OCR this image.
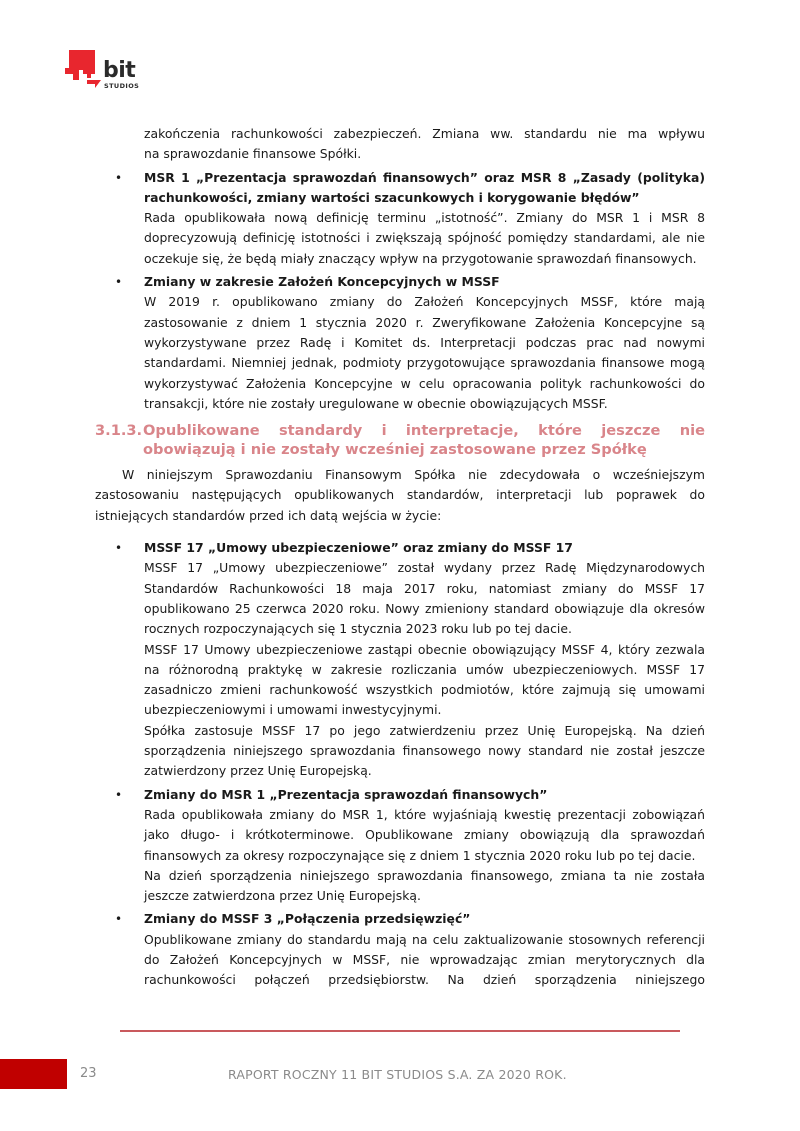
bit
STUDIOS
zakończenia rachunkowości zabezpieczeń. Zmiana ww. standardu nie ma wpływu
na sprawozdanie finansowe Spółki.
• MSR 1 „Prezentacja sprawozdań finansowych” oraz MSR 8 „Zasady (polityka) rachunkowości, zmiany wartości szacunkowych i korygowanie błędów”
Rada opublikowała nową definicję terminu „istotność”. Zmiany do MSR 1 i MSR 8 doprecyzowują definicję istotności i zwiększają spójność pomiędzy standardami, ale nie oczekuje się, że będą miały znaczący wpływ na przygotowanie sprawozdań finansowych.
• Zmiany w zakresie Założeń Koncepcyjnych w MSSF
W 2019 r. opublikowano zmiany do Założeń Koncepcyjnych MSSF, które mają zastosowanie z dniem 1 stycznia 2020 r. Zweryfikowane Założenia Koncepcyjne są wykorzystywane przez Radę i Komitet ds. Interpretacji podczas prac nad nowymi standardami. Niemniej jednak, podmioty przygotowujące sprawozdania finansowe mogą wykorzystywać Założenia Koncepcyjne w celu opracowania polityk rachunkowości do transakcji, które nie zostały uregulowane w obecnie obowiązujących MSSF.
3.1.3. Opublikowane standardy i interpretacje, które jeszcze nie
obowiązują i nie zostały wcześniej zastosowane przez Spółkę
W niniejszym Sprawozdaniu Finansowym Spółka nie zdecydowała o wcześniejszym zastosowaniu następujących opublikowanych standardów, interpretacji lub poprawek do istniejących standardów przed ich datą wejścia w życie:
• MSSF 17 „Umowy ubezpieczeniowe” oraz zmiany do MSSF 17
MSSF 17 „Umowy ubezpieczeniowe” został wydany przez Radę Międzynarodowych Standardów Rachunkowości 18 maja 2017 roku, natomiast zmiany do MSSF 17 opublikowano 25 czerwca 2020 roku. Nowy zmieniony standard obowiązuje dla okresów rocznych rozpoczynających się 1 stycznia 2023 roku lub po tej dacie.
MSSF 17 Umowy ubezpieczeniowe zastąpi obecnie obowiązujący MSSF 4, który zezwala na różnorodną praktykę w zakresie rozliczania umów ubezpieczeniowych. MSSF 17 zasadniczo zmieni rachunkowość wszystkich podmiotów, które zajmują się umowami ubezpieczeniowymi i umowami inwestycyjnymi.
Spółka zastosuje MSSF 17 po jego zatwierdzeniu przez Unię Europejską. Na dzień sporządzenia niniejszego sprawozdania finansowego nowy standard nie został jeszcze zatwierdzony przez Unię Europejską.
• Zmiany do MSR 1 „Prezentacja sprawozdań finansowych”
Rada opublikowała zmiany do MSR 1, które wyjaśniają kwestię prezentacji zobowiązań jako długo- i krótkoterminowe. Opublikowane zmiany obowiązują dla sprawozdań finansowych za okresy rozpoczynające się z dniem 1 stycznia 2020 roku lub po tej dacie.
Na dzień sporządzenia niniejszego sprawozdania finansowego, zmiana ta nie została jeszcze zatwierdzona przez Unię Europejską.
• Zmiany do MSSF 3 „Połączenia przedsięwzięć”
Opublikowane zmiany do standardu mają na celu zaktualizowanie stosownych referencji do Założeń Koncepcyjnych w MSSF, nie wprowadzając zmian merytorycznych dla rachunkowości połączeń przedsiębiorstw. Na dzień sporządzenia niniejszego
23	RAPORT ROCZNY 11 BIT STUDIOS S.A. ZA 2020 ROK.
